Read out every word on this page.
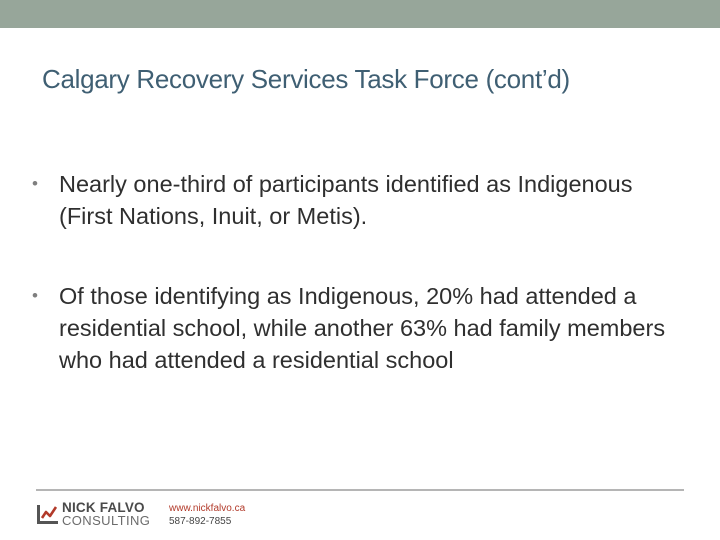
Calgary Recovery Services Task Force (cont’d)
• Nearly one-third of participants identified as Indigenous (First Nations, Inuit, or Metis).
• Of those identifying as Indigenous, 20% had attended a residential school, while another 63% had family members who had attended a residential school
NICK FALVO
CONSULTING
www.nickfalvo.ca
587-892-7855
